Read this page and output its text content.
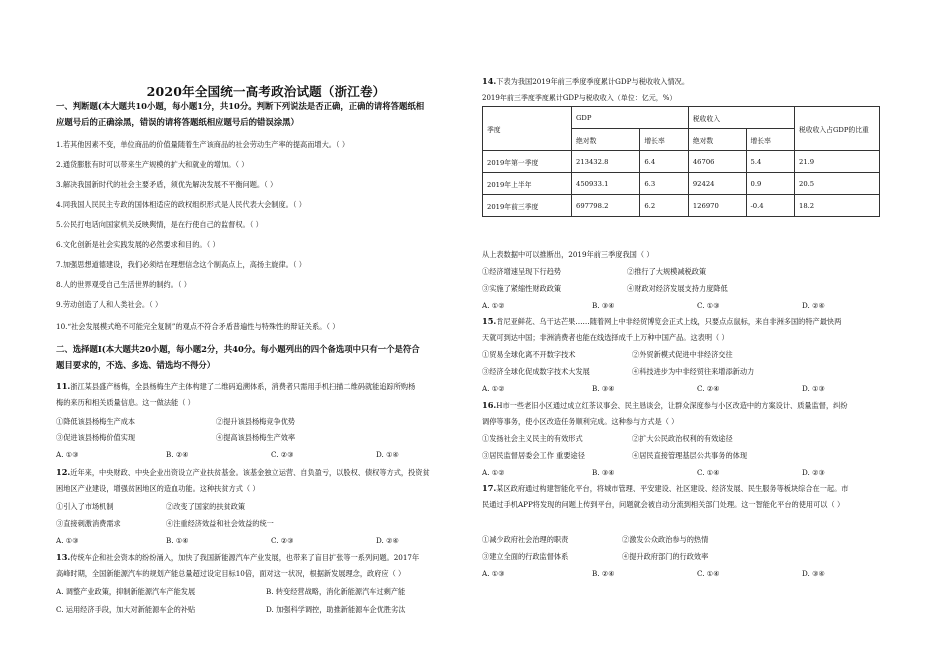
2020年全国统一高考政治试题（浙江卷）
一、判断题(本大题共10小题，每小题1分，共10分。判断下列说法是否正确，正确的请将答题纸相
应题号后的正确涂黑，错误的请将答题纸相应题号后的错误涂黑）
1.若其他因素不变，单位商品的价值量随着生产该商品的社会劳动生产率的提高而增大。（ ）
2.通货膨胀有时可以带来生产规模的扩大和就业的增加。（ ）
3.解决我国新时代的社会主要矛盾，须优先解决发展不平衡问题。（ ）
4.同我国人民民主专政的国体相适应的政权组织形式是人民代表大会制度。（ ）
5.公民打电话向国家机关反映舆情，是在行使自己的监督权。（ ）
6.文化创新是社会实践发展的必然要求和目的。（ ）
7.加强思想道德建设，我们必须结在理想信念这个制高点上，高扬主旋律。（ ）
8.人的世界观受自己生活世界的制约。（ ）
9.劳动创造了人和人类社会。（ ）
10.“社会发展模式绝不可能完全复制”的观点不符合矛盾普遍性与特殊性的辩证关系。（ ）
二、选择题Ⅰ(本大题共20小题，每小题2分，共40分。每小题列出的四个备选项中只有一个是符合
题目要求的，不选、多选、错选均不得分）
11.浙江某县盛产杨梅，全县杨梅生产主体构建了二维码追溯体系，消费者只需用手机扫描二维码就能追踪所购杨
梅的来历和相关质量信息。这一做法能（ ）
①降低该县杨梅生产成本	②提升该县杨梅竞争优势
③促进该县杨梅价值实现	④提高该县杨梅生产效率
A. ①③	B. ②④	C. ②③	D. ①④
12.近年来，中央财政、中央企业出资设立产业扶贫基金。该基金独立运营、自负盈亏，以股权、债权等方式，投资贫
困地区产业建设，增强贫困地区的造血功能。这种扶贫方式（ ）
①引入了市场机制	②改变了国家的扶贫政策
③直接刺激消费需求	④注重经济效益和社会效益的统一
A. ①③	B. ①④	C. ②③	D. ②④
13.传统车企和社会资本的纷纷涌入，加快了我国新能源汽车产业发展，也带来了盲目扩张等一系列问题。2017年
高峰时期，全国新能源汽车的规划产能总量超过设定目标10倍，面对这一状况，根据新发展理念，政府应（ ）
A. 调整产业政策，抑制新能源汽车产能发展	B. 转变经营战略，消化新能源汽车过剩产能
C. 运用经济手段，加大对新能源车企的补贴	D. 加强科学调控，助推新能源车企优胜劣汰
14.下表为我国2019年前三季度季度累计GDP与税收收入情况。
2019年前三季度季度累计GDP与税收收入（单位：亿元，%）
季度	GDP		税收收入		税收收入占GDP的比重
	绝对数	增长率	绝对数	增长率	
2019年第一季度	213432.8	6.4	46706	5.4	21.9
2019年上半年	450933.1	6.3	92424	0.9	20.5
2019年前三季度	697798.2	6.2	126970	-0.4	18.2
从上表数据中可以推断出，2019年前三季度我国（ ）
①经济增速呈现下行趋势	②推行了大规模减税政策
③实施了紧缩性财政政策	④财政对经济发展支持力度降低
A. ①②	B. ③④	C. ①③	D. ②④
15.肯尼亚鲜花、乌干达芒果……随着网上中非经贸博览会正式上线，只要点点鼠标，来自非洲多国的特产最快两
天就可到达中国；非洲消费者也能在线选择成千上万种中国产品。这表明（ ）
①贸易全球化离不开数字技术	②外贸新模式促进中非经济交往
③经济全球化促成数字技术大发展	④科技进步为中非经贸往来增添新动力
A. ①②	B. ③④	C. ②④	D. ①③
16.H市一些老旧小区通过成立红茶议事会、民主恳谈会，让群众深度参与小区改造中的方案设计、质量监督，纠纷
调停等事务，使小区改造任务顺利完成。这种参与方式是（ ）
①发扬社会主义民主的有效形式	②扩大公民政治权利的有效途径
③居民监督居委会工作 重要途径	④居民直接管理基层公共事务的体现
A. ①②	B. ③④	C. ①④	D. ②③
17.某区政府通过构建智能化平台，将城市管理、平安建设、社区建设、经济发展、民生服务等板块综合在一起。市
民通过手机APP将发现的问题上传到平台，问题就会被自动分流到相关部门处理。这一智能化平台的使用可以（ ）
①减少政府社会治理的职责	②激发公众政治参与的热情
③建立全面的行政监督体系	④提升政府部门的行政效率
A. ①③	B. ②④	C. ①④	D. ③④
